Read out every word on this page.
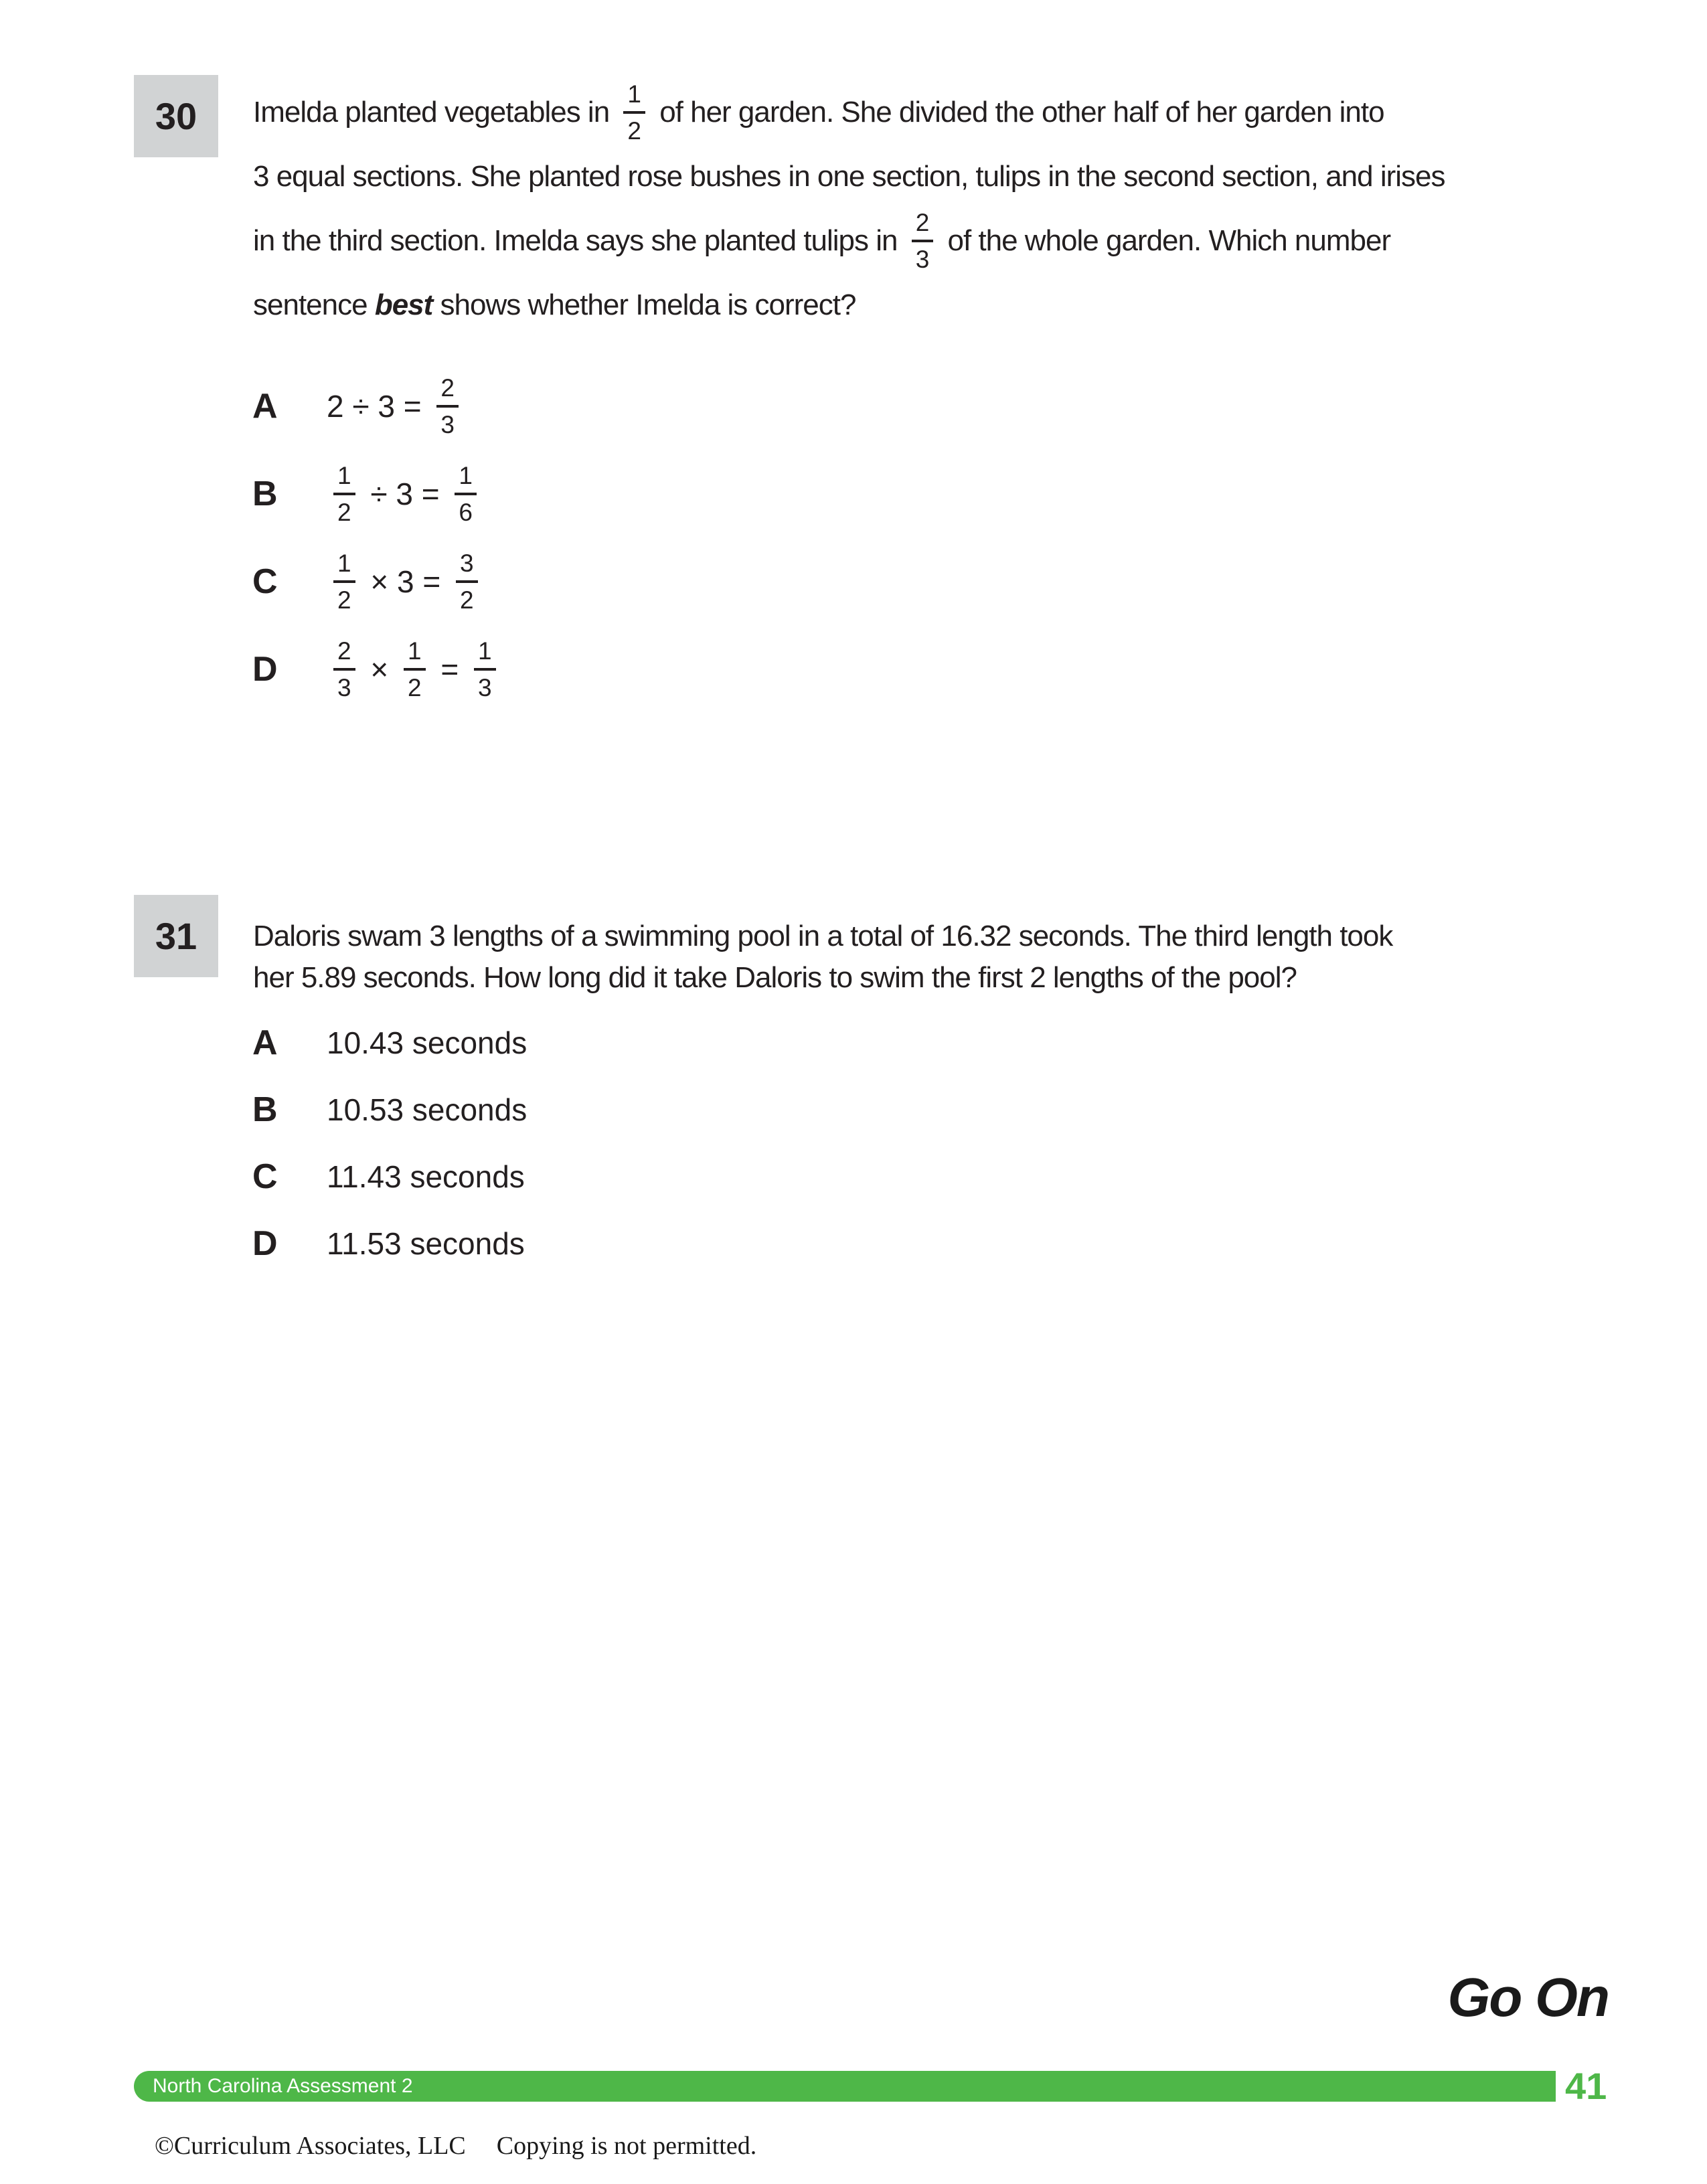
30 Imelda planted vegetables in $\frac{1}{2}$ of her garden. She divided the other half of her garden into
3 equal sections. She planted rose bushes in one section, tulips in the second section, and irises
in the third section. Imelda says she planted tulips in $\frac{2}{3}$ of the whole garden. Which number
sentence best shows whether Imelda is correct?
A	$2 \div 3 = \frac{2}{3}$
B	$\frac{1}{2} \div 3 = \frac{1}{6}$
C	$\frac{1}{2} \times 3 = \frac{3}{2}$
D	$\frac{2}{3} \times \frac{1}{2} = \frac{1}{3}$
31 Daloris swam 3 lengths of a swimming pool in a total of 16.32 seconds. The third length took
her 5.89 seconds. How long did it take Daloris to swim the first 2 lengths of the pool?
A	10.43 seconds
B	10.53 seconds
C	11.43 seconds
D	11.53 seconds
Go On
North Carolina Assessment 2	41

©Curriculum Associates, LLC Copying is not permitted.
